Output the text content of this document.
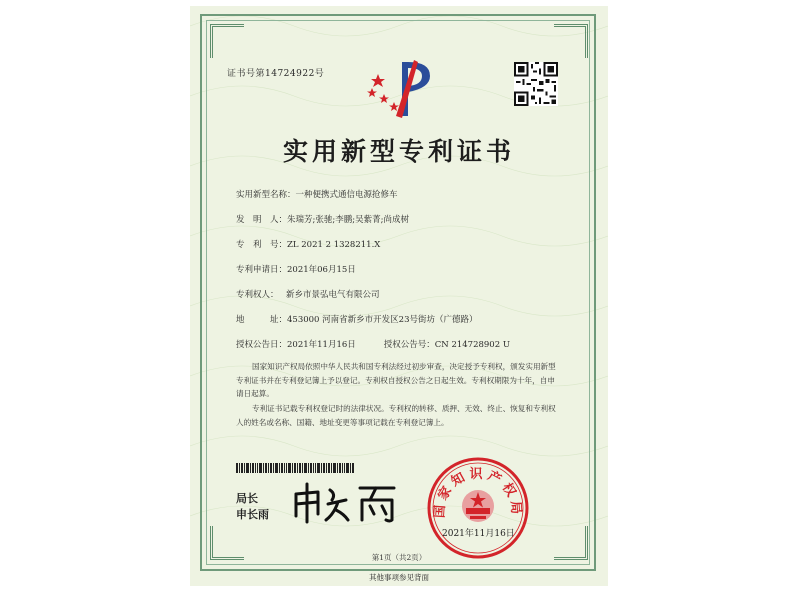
证书号第14724922号
实用新型专利证书
实用新型名称：一种便携式通信电源抢修车
发　明　人：朱瑞芳;张驰;李鹏;吴紫菁;尚成树
专　利　号：ZL 2021 2 1328211.X
专利申请日：2021年06月15日
专利权人： 新乡市景弘电气有限公司
地　　　址：453000 河南省新乡市开发区23号街坊（广德路）
授权公告日：2021年11月16日	授权公告号：CN 214728902 U
国家知识产权局依照中华人民共和国专利法经过初步审查，决定授予专利权，颁发实用新型专利证书并在专利登记簿上予以登记。专利权自授权公告之日起生效。专利权期限为十年，自申请日起算。
专利证书记载专利权登记时的法律状况。专利权的转移、质押、无效、终止、恢复和专利权人的姓名或名称、国籍、地址变更等事项记载在专利登记簿上。
局长
申长雨	国家知识产权局
2021年11月16日
第1页（共2页）
其他事项参见背面
